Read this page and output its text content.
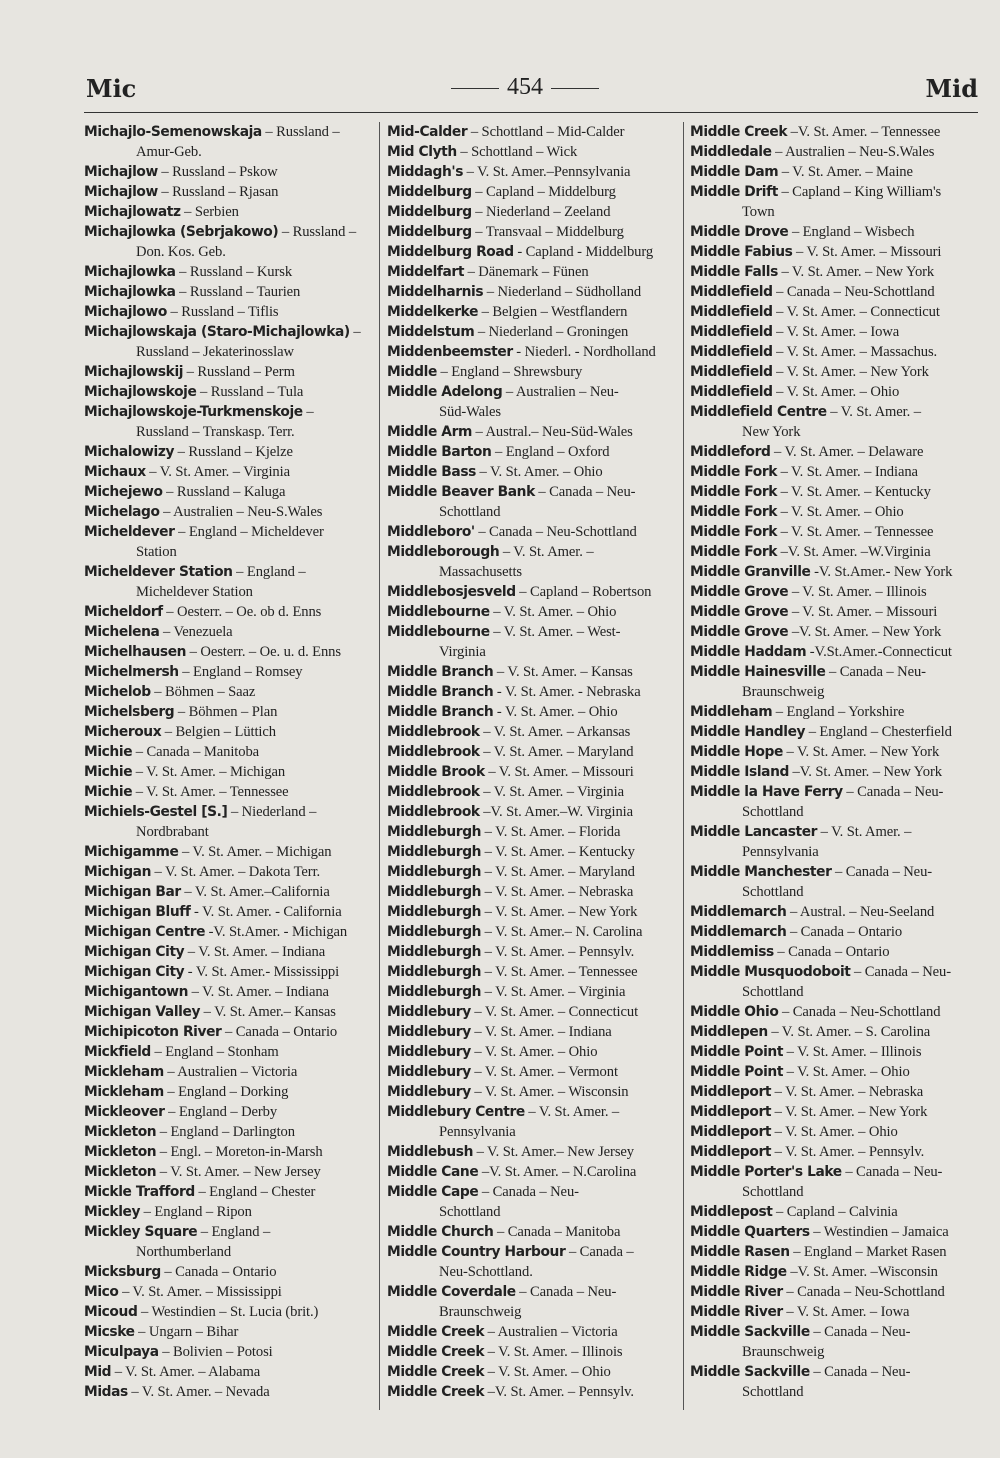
Mic	454	Mid
Michajlo-Semenowskaja – Russland –
Amur-Geb.
Michajlow – Russland – Pskow
Michajlow – Russland – Rjasan
Michajlowatz – Serbien
Michajlowka (Sebrjakowo) – Russland –
Don. Kos. Geb.
Michajlowka – Russland – Kursk
Michajlowka – Russland – Taurien
Michajlowo – Russland – Tiflis
Michajlowskaja (Staro-Michajlowka) –
Russland – Jekaterinosslaw
Michajlowskij – Russland – Perm
Michajlowskoje – Russland – Tula
Michajlowskoje-Turkmenskoje –
Russland – Transkasp. Terr.
Michalowizy – Russland – Kjelze
Michaux – V. St. Amer. – Virginia
Michejewo – Russland – Kaluga
Michelago – Australien – Neu-S.Wales
Micheldever – England – Micheldever
Station
Micheldever Station – England –
Micheldever Station
Micheldorf – Oesterr. – Oe. ob d. Enns
Michelena – Venezuela
Michelhausen – Oesterr. – Oe. u. d. Enns
Michelmersh – England – Romsey
Michelob – Böhmen – Saaz
Michelsberg – Böhmen – Plan
Micheroux – Belgien – Lüttich
Michie – Canada – Manitoba
Michie – V. St. Amer. – Michigan
Michie – V. St. Amer. – Tennessee
Michiels-Gestel [S.] – Niederland –
Nordbrabant
Michigamme – V. St. Amer. – Michigan
Michigan – V. St. Amer. – Dakota Terr.
Michigan Bar – V. St. Amer.–California
Michigan Bluff - V. St. Amer. - California
Michigan Centre -V. St.Amer. - Michigan
Michigan City – V. St. Amer. – Indiana
Michigan City - V. St. Amer.- Mississippi
Michigantown – V. St. Amer. – Indiana
Michigan Valley – V. St. Amer.– Kansas
Michipicoton River – Canada – Ontario
Mickfield – England – Stonham
Mickleham – Australien – Victoria
Mickleham – England – Dorking
Mickleover – England – Derby
Mickleton – England – Darlington
Mickleton – Engl. – Moreton-in-Marsh
Mickleton – V. St. Amer. – New Jersey
Mickle Trafford – England – Chester
Mickley – England – Ripon
Mickley Square – England –
Northumberland
Micksburg – Canada – Ontario
Mico – V. St. Amer. – Mississippi
Micoud – Westindien – St. Lucia (brit.)
Micske – Ungarn – Bihar
Miculpaya – Bolivien – Potosi
Mid – V. St. Amer. – Alabama
Midas – V. St. Amer. – Nevada
Mid-Calder – Schottland – Mid-Calder
Mid Clyth – Schottland – Wick
Middagh's – V. St. Amer.–Pennsylvania
Middelburg – Capland – Middelburg
Middelburg – Niederland – Zeeland
Middelburg – Transvaal – Middelburg
Middelburg Road - Capland - Middelburg
Middelfart – Dänemark – Fünen
Middelharnis – Niederland – Südholland
Middelkerke – Belgien – Westflandern
Middelstum – Niederland – Groningen
Middenbeemster - Niederl. - Nordholland
Middle – England – Shrewsbury
Middle Adelong – Australien – Neu-
Süd-Wales
Middle Arm – Austral.– Neu-Süd-Wales
Middle Barton – England – Oxford
Middle Bass – V. St. Amer. – Ohio
Middle Beaver Bank – Canada – Neu-
Schottland
Middleboro' – Canada – Neu-Schottland
Middleborough – V. St. Amer. –
Massachusetts
Middlebosjesveld – Capland – Robertson
Middlebourne – V. St. Amer. – Ohio
Middlebourne – V. St. Amer. – West-
Virginia
Middle Branch – V. St. Amer. – Kansas
Middle Branch - V. St. Amer. - Nebraska
Middle Branch - V. St. Amer. – Ohio
Middlebrook – V. St. Amer. – Arkansas
Middlebrook – V. St. Amer. – Maryland
Middle Brook – V. St. Amer. – Missouri
Middlebrook – V. St. Amer. – Virginia
Middlebrook –V. St. Amer.–W. Virginia
Middleburgh – V. St. Amer. – Florida
Middleburgh – V. St. Amer. – Kentucky
Middleburgh – V. St. Amer. – Maryland
Middleburgh – V. St. Amer. – Nebraska
Middleburgh – V. St. Amer. – New York
Middleburgh – V. St. Amer.– N. Carolina
Middleburgh – V. St. Amer. – Pennsylv.
Middleburgh – V. St. Amer. – Tennessee
Middleburgh – V. St. Amer. – Virginia
Middlebury – V. St. Amer. – Connecticut
Middlebury – V. St. Amer. – Indiana
Middlebury – V. St. Amer. – Ohio
Middlebury – V. St. Amer. – Vermont
Middlebury – V. St. Amer. – Wisconsin
Middlebury Centre – V. St. Amer. –
Pennsylvania
Middlebush – V. St. Amer.– New Jersey
Middle Cane –V. St. Amer. – N.Carolina
Middle Cape – Canada – Neu-
Schottland
Middle Church – Canada – Manitoba
Middle Country Harbour – Canada –
Neu-Schottland.
Middle Coverdale – Canada – Neu-
Braunschweig
Middle Creek – Australien – Victoria
Middle Creek – V. St. Amer. – Illinois
Middle Creek – V. St. Amer. – Ohio
Middle Creek –V. St. Amer. – Pennsylv.
Middle Creek –V. St. Amer. – Tennessee
Middledale – Australien – Neu-S.Wales
Middle Dam – V. St. Amer. – Maine
Middle Drift – Capland – King William's
Town
Middle Drove – England – Wisbech
Middle Fabius – V. St. Amer. – Missouri
Middle Falls – V. St. Amer. – New York
Middlefield – Canada – Neu-Schottland
Middlefield – V. St. Amer. – Connecticut
Middlefield – V. St. Amer. – Iowa
Middlefield – V. St. Amer. – Massachus.
Middlefield – V. St. Amer. – New York
Middlefield – V. St. Amer. – Ohio
Middlefield Centre – V. St. Amer. –
New York
Middleford – V. St. Amer. – Delaware
Middle Fork – V. St. Amer. – Indiana
Middle Fork – V. St. Amer. – Kentucky
Middle Fork – V. St. Amer. – Ohio
Middle Fork – V. St. Amer. – Tennessee
Middle Fork –V. St. Amer. –W.Virginia
Middle Granville -V. St.Amer.- New York
Middle Grove – V. St. Amer. – Illinois
Middle Grove – V. St. Amer. – Missouri
Middle Grove –V. St. Amer. – New York
Middle Haddam -V.St.Amer.-Connecticut
Middle Hainesville – Canada – Neu-
Braunschweig
Middleham – England – Yorkshire
Middle Handley – England – Chesterfield
Middle Hope – V. St. Amer. – New York
Middle Island –V. St. Amer. – New York
Middle la Have Ferry – Canada – Neu-
Schottland
Middle Lancaster – V. St. Amer. –
Pennsylvania
Middle Manchester – Canada – Neu-
Schottland
Middlemarch – Austral. – Neu-Seeland
Middlemarch – Canada – Ontario
Middlemiss – Canada – Ontario
Middle Musquodoboit – Canada – Neu-
Schottland
Middle Ohio – Canada – Neu-Schottland
Middlepen – V. St. Amer. – S. Carolina
Middle Point – V. St. Amer. – Illinois
Middle Point – V. St. Amer. – Ohio
Middleport – V. St. Amer. – Nebraska
Middleport – V. St. Amer. – New York
Middleport – V. St. Amer. – Ohio
Middleport – V. St. Amer. – Pennsylv.
Middle Porter's Lake – Canada – Neu-
Schottland
Middlepost – Capland – Calvinia
Middle Quarters – Westindien – Jamaica
Middle Rasen – England – Market Rasen
Middle Ridge –V. St. Amer. –Wisconsin
Middle River – Canada – Neu-Schottland
Middle River – V. St. Amer. – Iowa
Middle Sackville – Canada – Neu-
Braunschweig
Middle Sackville – Canada – Neu-
Schottland
